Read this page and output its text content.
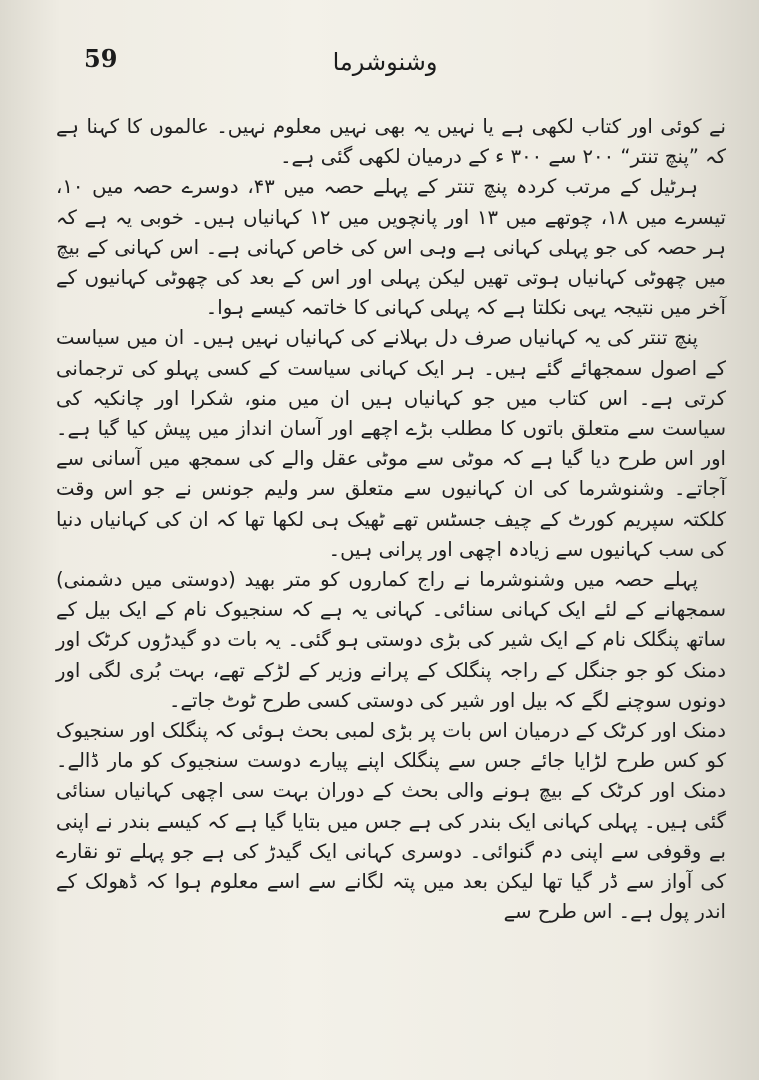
59	وشنوشرما

نے کوئی اور کتاب لکھی ہے یا نہیں یہ بھی نہیں معلوم نہیں۔ عالموں کا کہنا ہے کہ ”پنچ تنتر“ ۲۰۰ سے ۳۰۰ ء کے درمیان لکھی گئی ہے۔

ہرٹیل کے مرتب کردہ پنچ تنتر کے پہلے حصہ میں ۴۳، دوسرے حصہ میں ۱۰، تیسرے میں ۱۸، چوتھے میں ۱۳ اور پانچویں میں ۱۲ کہانیاں ہیں۔ خوبی یہ ہے کہ ہر حصہ کی جو پہلی کہانی ہے وہی اس کی خاص کہانی ہے۔ اس کہانی کے بیچ میں چھوٹی کہانیاں ہوتی تھیں لیکن پہلی اور اس کے بعد کی چھوٹی کہانیوں کے آخر میں نتیجہ یہی نکلتا ہے کہ پہلی کہانی کا خاتمہ کیسے ہوا۔

پنچ تنتر کی یہ کہانیاں صرف دل بہلانے کی کہانیاں نہیں ہیں۔ ان میں سیاست کے اصول سمجھائے گئے ہیں۔ ہر ایک کہانی سیاست کے کسی پہلو کی ترجمانی کرتی ہے۔ اس کتاب میں جو کہانیاں ہیں ان میں منو، شکرا اور چانکیہ کی سیاست سے متعلق باتوں کا مطلب بڑے اچھے اور آسان انداز میں پیش کیا گیا ہے۔ اور اس طرح دیا گیا ہے کہ موٹی سے موٹی عقل والے کی سمجھ میں آسانی سے آجاتے۔ وشنوشرما کی ان کہانیوں سے متعلق سر ولیم جونس نے جو اس وقت کلکتہ سپریم کورٹ کے چیف جسٹس تھے ٹھیک ہی لکھا تھا کہ ان کی کہانیاں دنیا کی سب کہانیوں سے زیادہ اچھی اور پرانی ہیں۔

پہلے حصہ میں وشنوشرما نے راج کماروں کو متر بھید (دوستی میں دشمنی) سمجھانے کے لئے ایک کہانی سنائی۔ کہانی یہ ہے کہ سنجیوک نام کے ایک بیل کے ساتھ پنگلک نام کے ایک شیر کی بڑی دوستی ہو گئی۔ یہ بات دو گیدڑوں کرٹک اور دمنک کو جو جنگل کے راجہ پنگلک کے پرانے وزیر کے لڑکے تھے، بہت بُری لگی اور دونوں سوچنے لگے کہ بیل اور شیر کی دوستی کسی طرح ٹوٹ جاتے۔

دمنک اور کرٹک کے درمیان اس بات پر بڑی لمبی بحث ہوئی کہ پنگلک اور سنجیوک کو کس طرح لڑایا جائے جس سے پنگلک اپنے پیارے دوست سنجیوک کو مار ڈالے۔ دمنک اور کرٹک کے بیچ ہونے والی بحث کے دوران بہت سی اچھی کہانیاں سنائی گئی ہیں۔ پہلی کہانی ایک بندر کی ہے جس میں بتایا گیا ہے کہ کیسے بندر نے اپنی بے وقوفی سے اپنی دم گنوائی۔ دوسری کہانی ایک گیدڑ کی ہے جو پہلے تو نقارے کی آواز سے ڈر گیا تھا لیکن بعد میں پتہ لگانے سے اسے معلوم ہوا کہ ڈھولک کے اندر پول ہے۔ اس طرح سے
